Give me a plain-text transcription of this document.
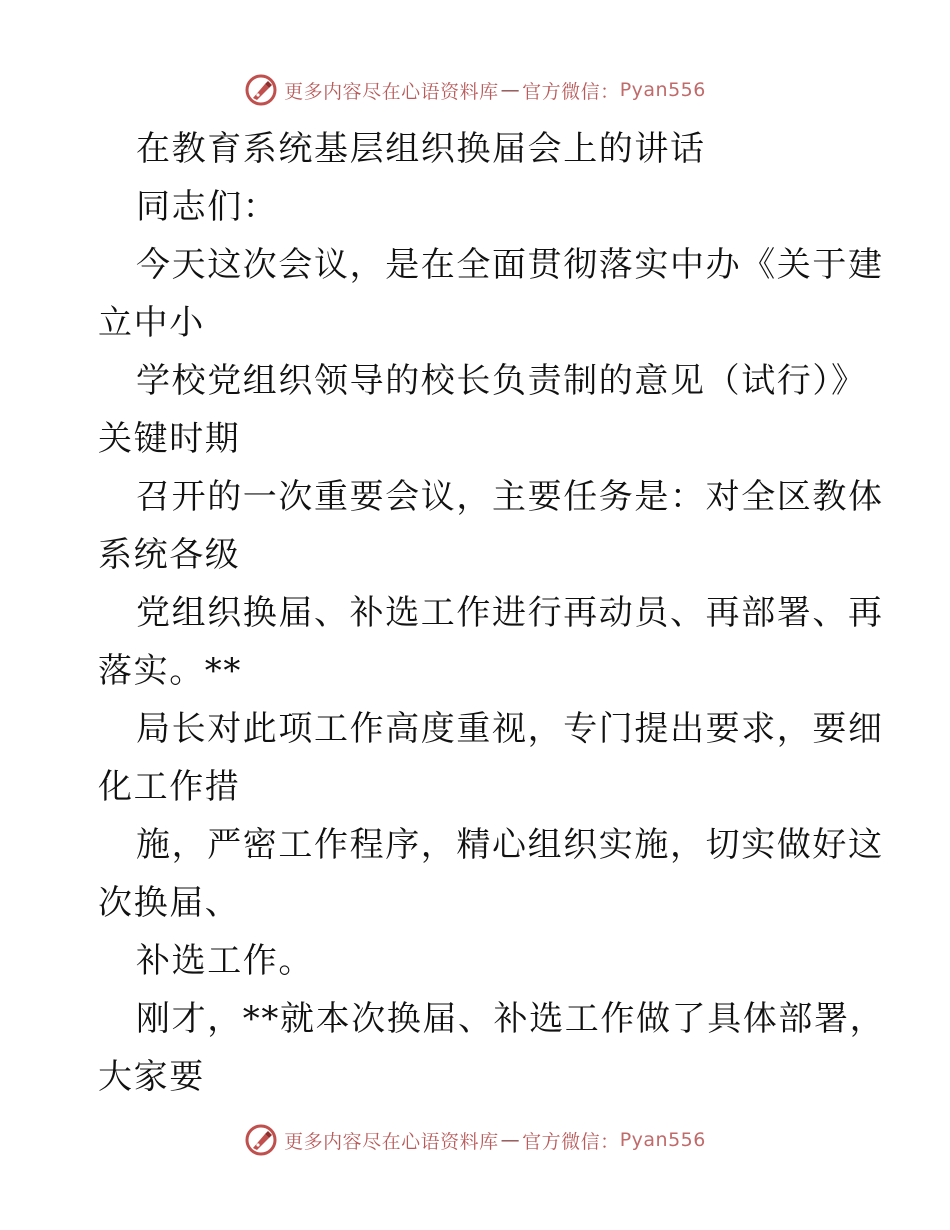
更多内容尽在心语资料库 — 官方微信： Pyan556
在教育系统基层组织换届会上的讲话
同志们：
今天这次会议，是在全面贯彻落实中办《关于建
立中小
学校党组织领导的校长负责制的意见（试行）》
关键时期
召开的一次重要会议，主要任务是：对全区教体
系统各级
党组织换届、补选工作进行再动员、再部署、再
落实。**
局长对此项工作高度重视，专门提出要求，要细
化工作措
施，严密工作程序，精心组织实施，切实做好这
次换届、
补选工作。
刚才，**就本次换届、补选工作做了具体部署，
大家要
更多内容尽在心语资料库 — 官方微信： Pyan556
